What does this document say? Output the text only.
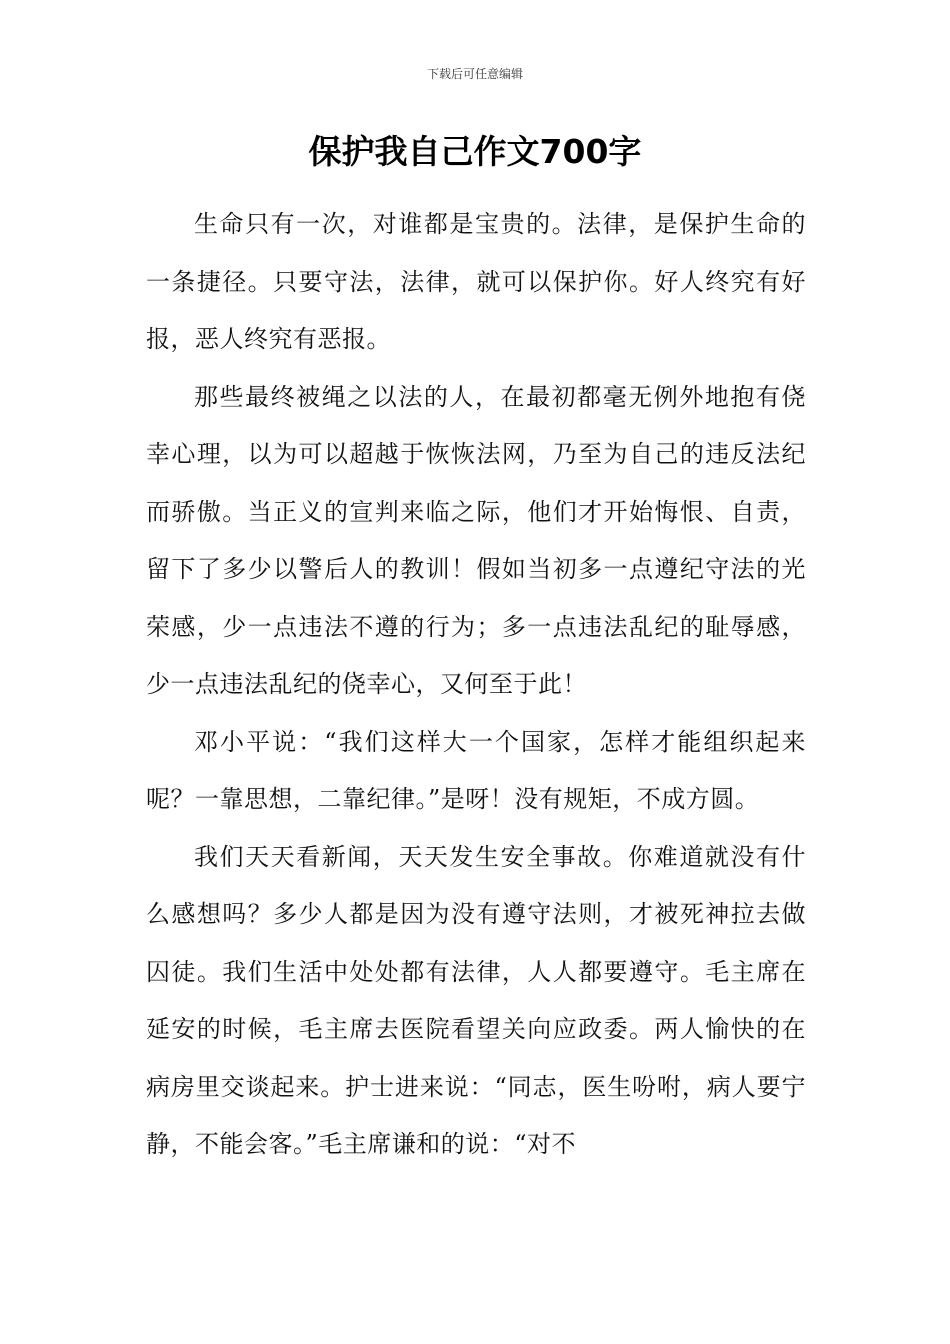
下载后可任意编辑
保护我自己作文700字

生命只有一次，对谁都是宝贵的。法律，是保护生命的一条捷径。只要守法，法律，就可以保护你。好人终究有好报，恶人终究有恶报。

那些最终被绳之以法的人，在最初都毫无例外地抱有侥幸心理，以为可以超越于恢恢法网，乃至为自己的违反法纪而骄傲。当正义的宣判来临之际，他们才开始悔恨、自责，留下了多少以警后人的教训！假如当初多一点遵纪守法的光荣感，少一点违法不遵的行为；多一点违法乱纪的耻辱感，少一点违法乱纪的侥幸心，又何至于此！

邓小平说：“我们这样大一个国家，怎样才能组织起来呢？一靠思想，二靠纪律。”是呀！没有规矩，不成方圆。

我们天天看新闻，天天发生安全事故。你难道就没有什么感想吗？多少人都是因为没有遵守法则，才被死神拉去做囚徒。我们生活中处处都有法律，人人都要遵守。毛主席在延安的时候，毛主席去医院看望关向应政委。两人愉快的在病房里交谈起来。护士进来说：“同志，医生吩咐，病人要宁静，不能会客。”毛主席谦和的说：“对不
